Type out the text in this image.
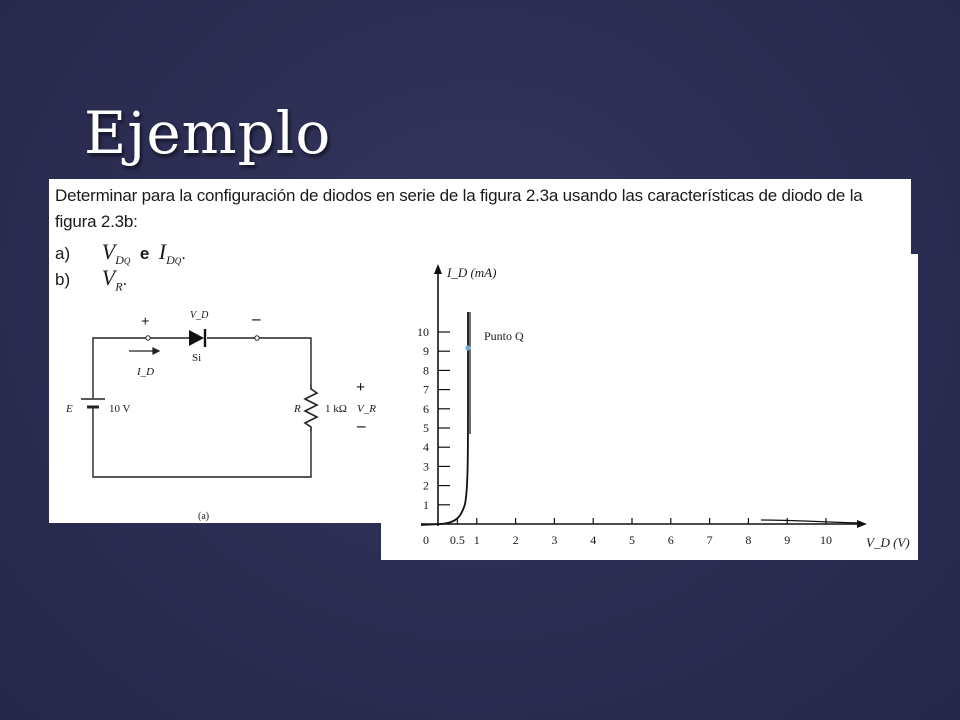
Ejemplo
Determinar para la configuración de diodos en serie de la figura 2.3a usando las características de diodo de la figura 2.3b:
a) $V_{DQ}$  e  $I_{DQ}$.
b) $V_R$.
+	–
V_D
Si
I_D
E	10 V	R 1 kΩ V_R
+
–
(a)
1
2
3
4
5
6
7
8
9
10
0.5 1	2	3	4	5	6	7	8	9 10
I_D (mA)
V_D (V)
Punto Q
0
